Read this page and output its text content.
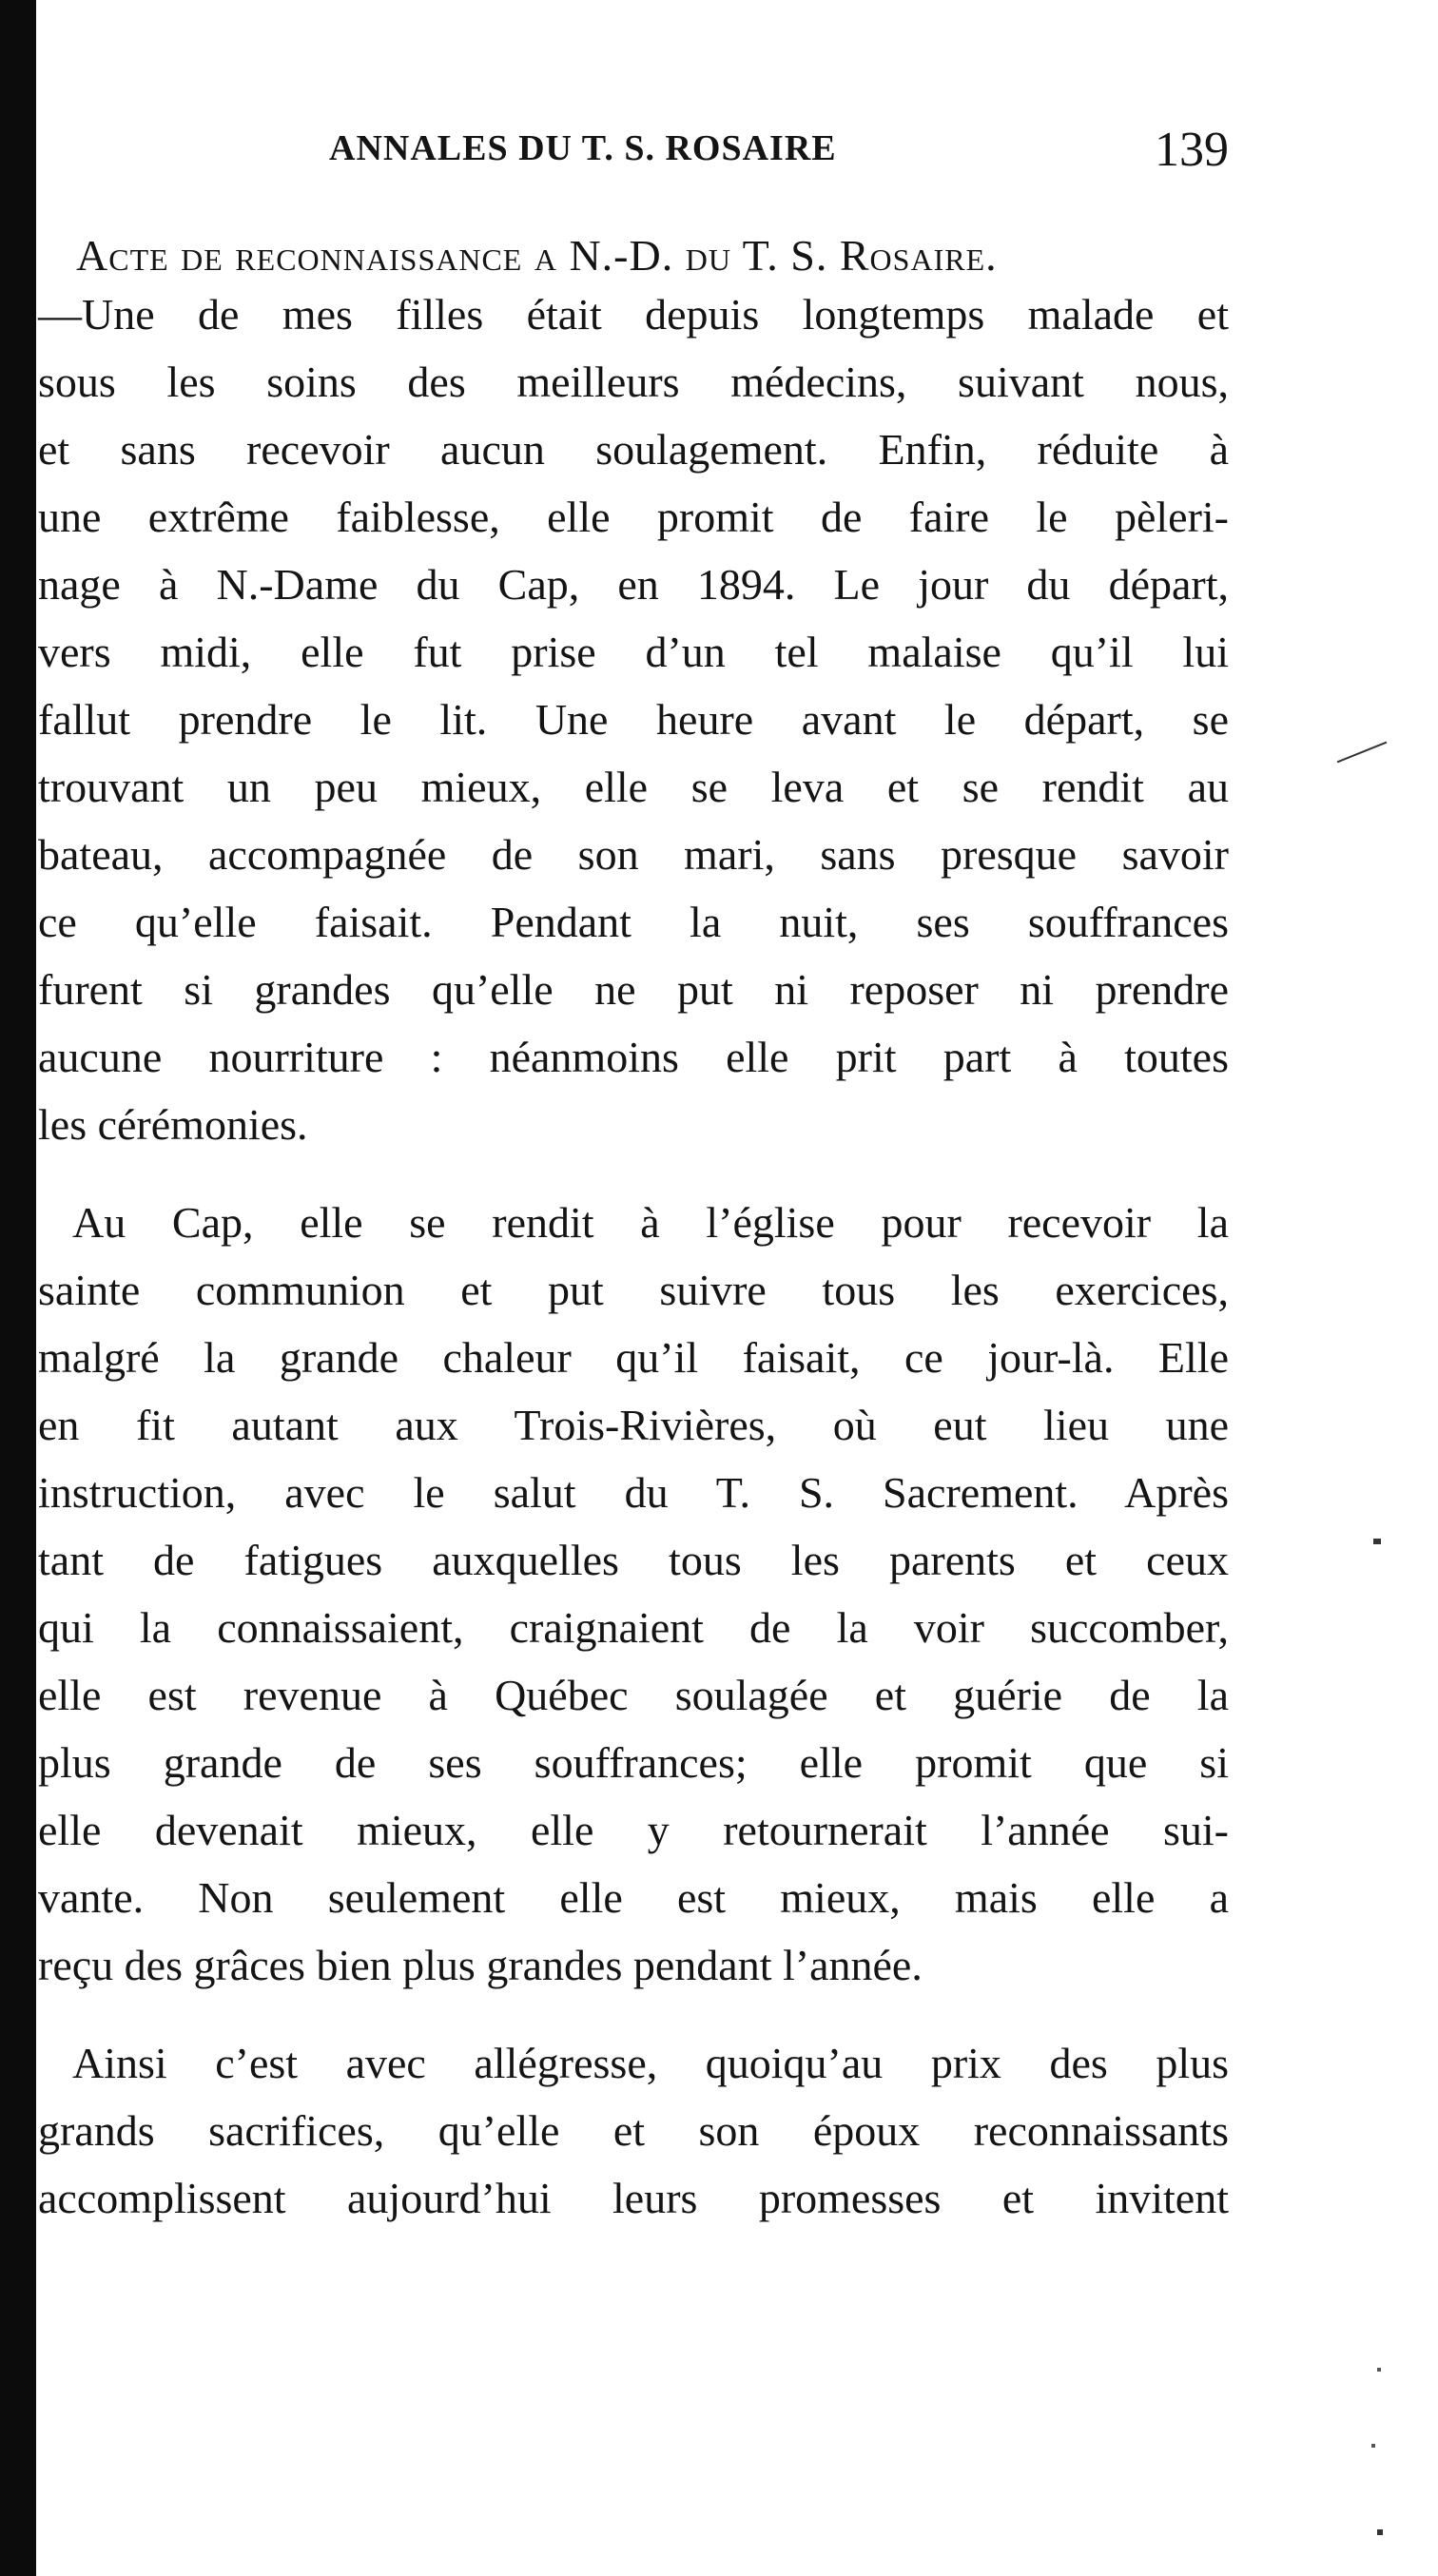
ANNALES DU T. S. ROSAIRE	139
Acte de reconnaissance a N.-D. du T. S. Rosaire.
—Une de mes filles était depuis longtemps malade et
sous les soins des meilleurs médecins, suivant nous,
et sans recevoir aucun soulagement. Enfin, réduite à
une extrême faiblesse, elle promit de faire le pèleri-
nage à N.-Dame du Cap, en 1894. Le jour du départ,
vers midi, elle fut prise d’un tel malaise qu’il lui
fallut prendre le lit. Une heure avant le départ, se
trouvant un peu mieux, elle se leva et se rendit au
bateau, accompagnée de son mari, sans presque savoir
ce qu’elle faisait. Pendant la nuit, ses souffrances
furent si grandes qu’elle ne put ni reposer ni prendre
aucune nourriture : néanmoins elle prit part à toutes
les cérémonies.
Au Cap, elle se rendit à l’église pour recevoir la
sainte communion et put suivre tous les exercices,
malgré la grande chaleur qu’il faisait, ce jour-là. Elle
en fit autant aux Trois-Rivières, où eut lieu une
instruction, avec le salut du T. S. Sacrement. Après
tant de fatigues auxquelles tous les parents et ceux
qui la connaissaient, craignaient de la voir succomber,
elle est revenue à Québec soulagée et guérie de la
plus grande de ses souffrances; elle promit que si
elle devenait mieux, elle y retournerait l’année sui-
vante. Non seulement elle est mieux, mais elle a
reçu des grâces bien plus grandes pendant l’année.
Ainsi c’est avec allégresse, quoiqu’au prix des plus
grands sacrifices, qu’elle et son époux reconnaissants
accomplissent aujourd’hui leurs promesses et invitent
